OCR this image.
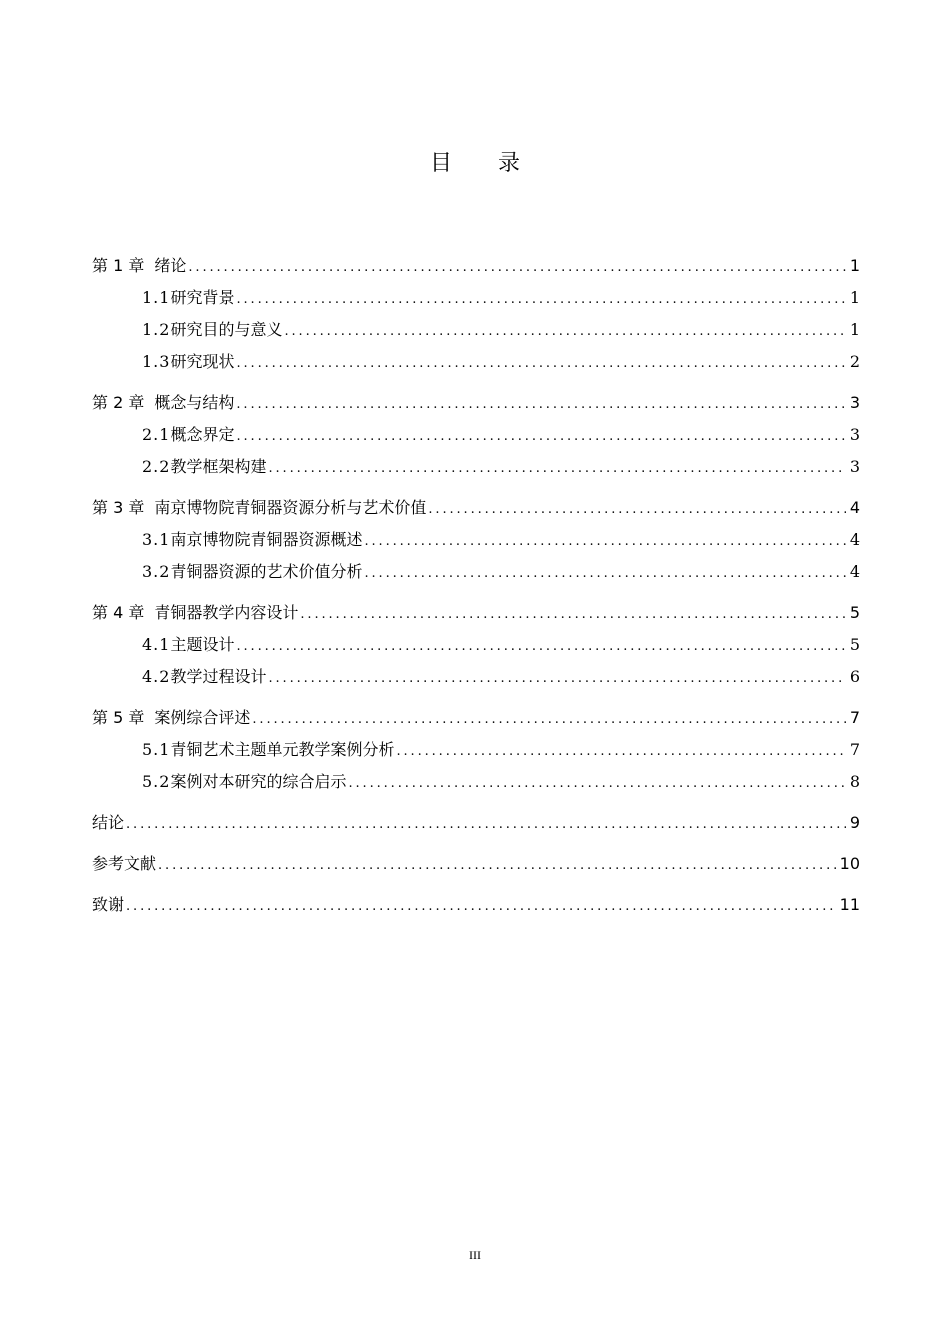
目 录
第 1 章 绪论 .....	1
1.1 研究背景 .....	1
1.2 研究目的与意义 .....	1
1.3 研究现状 .....	2
第 2 章 概念与结构 .....	3
2.1 概念界定 .....	3
2.2 教学框架构建 .....	3
第 3 章 南京博物院青铜器资源分析与艺术价值 .....	4
3.1 南京博物院青铜器资源概述 .....	4
3.2 青铜器资源的艺术价值分析 .....	4
第 4 章 青铜器教学内容设计 .....	5
4.1 主题设计 .....	5
4.2 教学过程设计 .....	6
第 5 章 案例综合评述 .....	7
5.1 青铜艺术主题单元教学案例分析 .....	7
5.2 案例对本研究的综合启示 .....	8
结论 .....	9
参考文献 .....	10
致谢 .....	11
III
